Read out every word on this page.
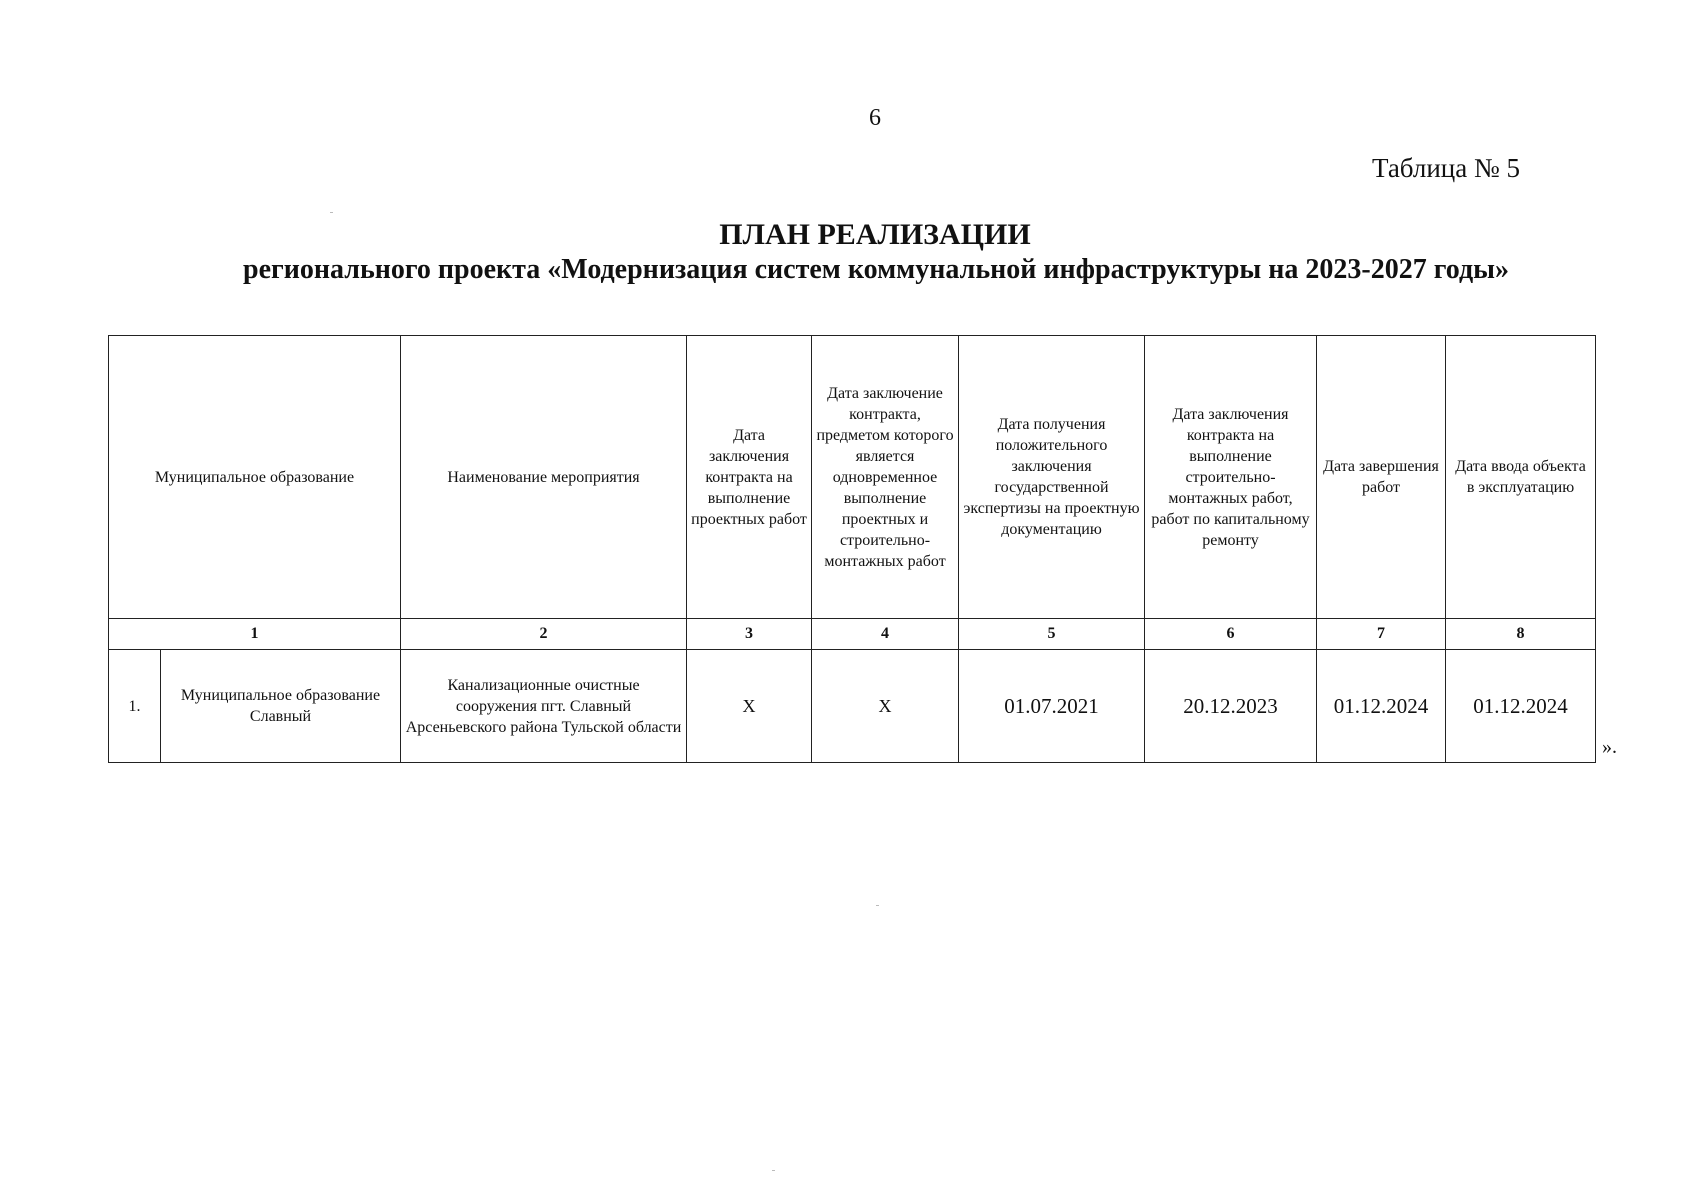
6
Таблица № 5
ПЛАН РЕАЛИЗАЦИИ
регионального проекта «Модернизация систем коммунальной инфраструктуры на 2023-2027 годы»
Муниципальное образование		Наименование мероприятия	Дата заключения контракта на выполнение проектных работ	Дата заключение контракта, предметом которого является одновременное выполнение проектных и строительно-монтажных работ	Дата получения положительного заключения государственной экспертизы на проектную документацию	Дата заключения контракта на выполнение строительно-монтажных работ, работ по капитальному ремонту	Дата завершения работ	Дата ввода объекта в эксплуатацию
1		2	3	4	5	6	7	8
1.	Муниципальное образование Славный	Канализационные очистные сооружения пгт. Славный Арсеньевского района Тульской области	Х	Х	01.07.2021	20.12.2023	01.12.2024	01.12.2024
».
